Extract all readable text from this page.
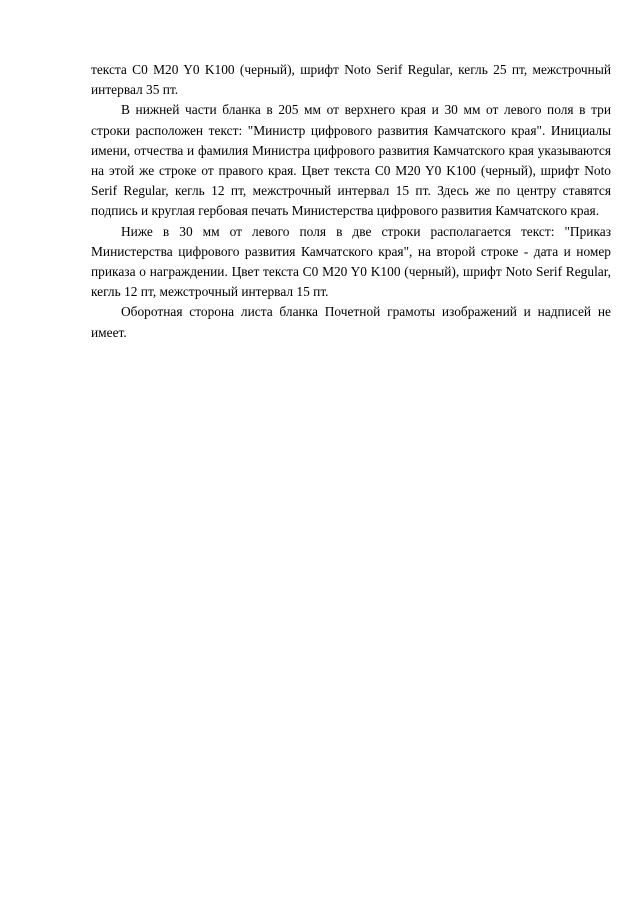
текста C0 M20 Y0 K100 (черный), шрифт Noto Serif Regular, кегль 25 пт, межстрочный интервал 35 пт.

В нижней части бланка в 205 мм от верхнего края и 30 мм от левого поля в три строки расположен текст: "Министр цифрового развития Камчатского края". Инициалы имени, отчества и фамилия Министра цифрового развития Камчатского края указываются на этой же строке от правого края. Цвет текста C0 M20 Y0 K100 (черный), шрифт Noto Serif Regular, кегль 12 пт, межстрочный интервал 15 пт. Здесь же по центру ставятся подпись и круглая гербовая печать Министерства цифрового развития Камчатского края.

Ниже в 30 мм от левого поля в две строки располагается текст: "Приказ Министерства цифрового развития Камчатского края", на второй строке - дата и номер приказа о награждении. Цвет текста C0 M20 Y0 K100 (черный), шрифт Noto Serif Regular, кегль 12 пт, межстрочный интервал 15 пт.

Оборотная сторона листа бланка Почетной грамоты изображений и надписей не имеет.
